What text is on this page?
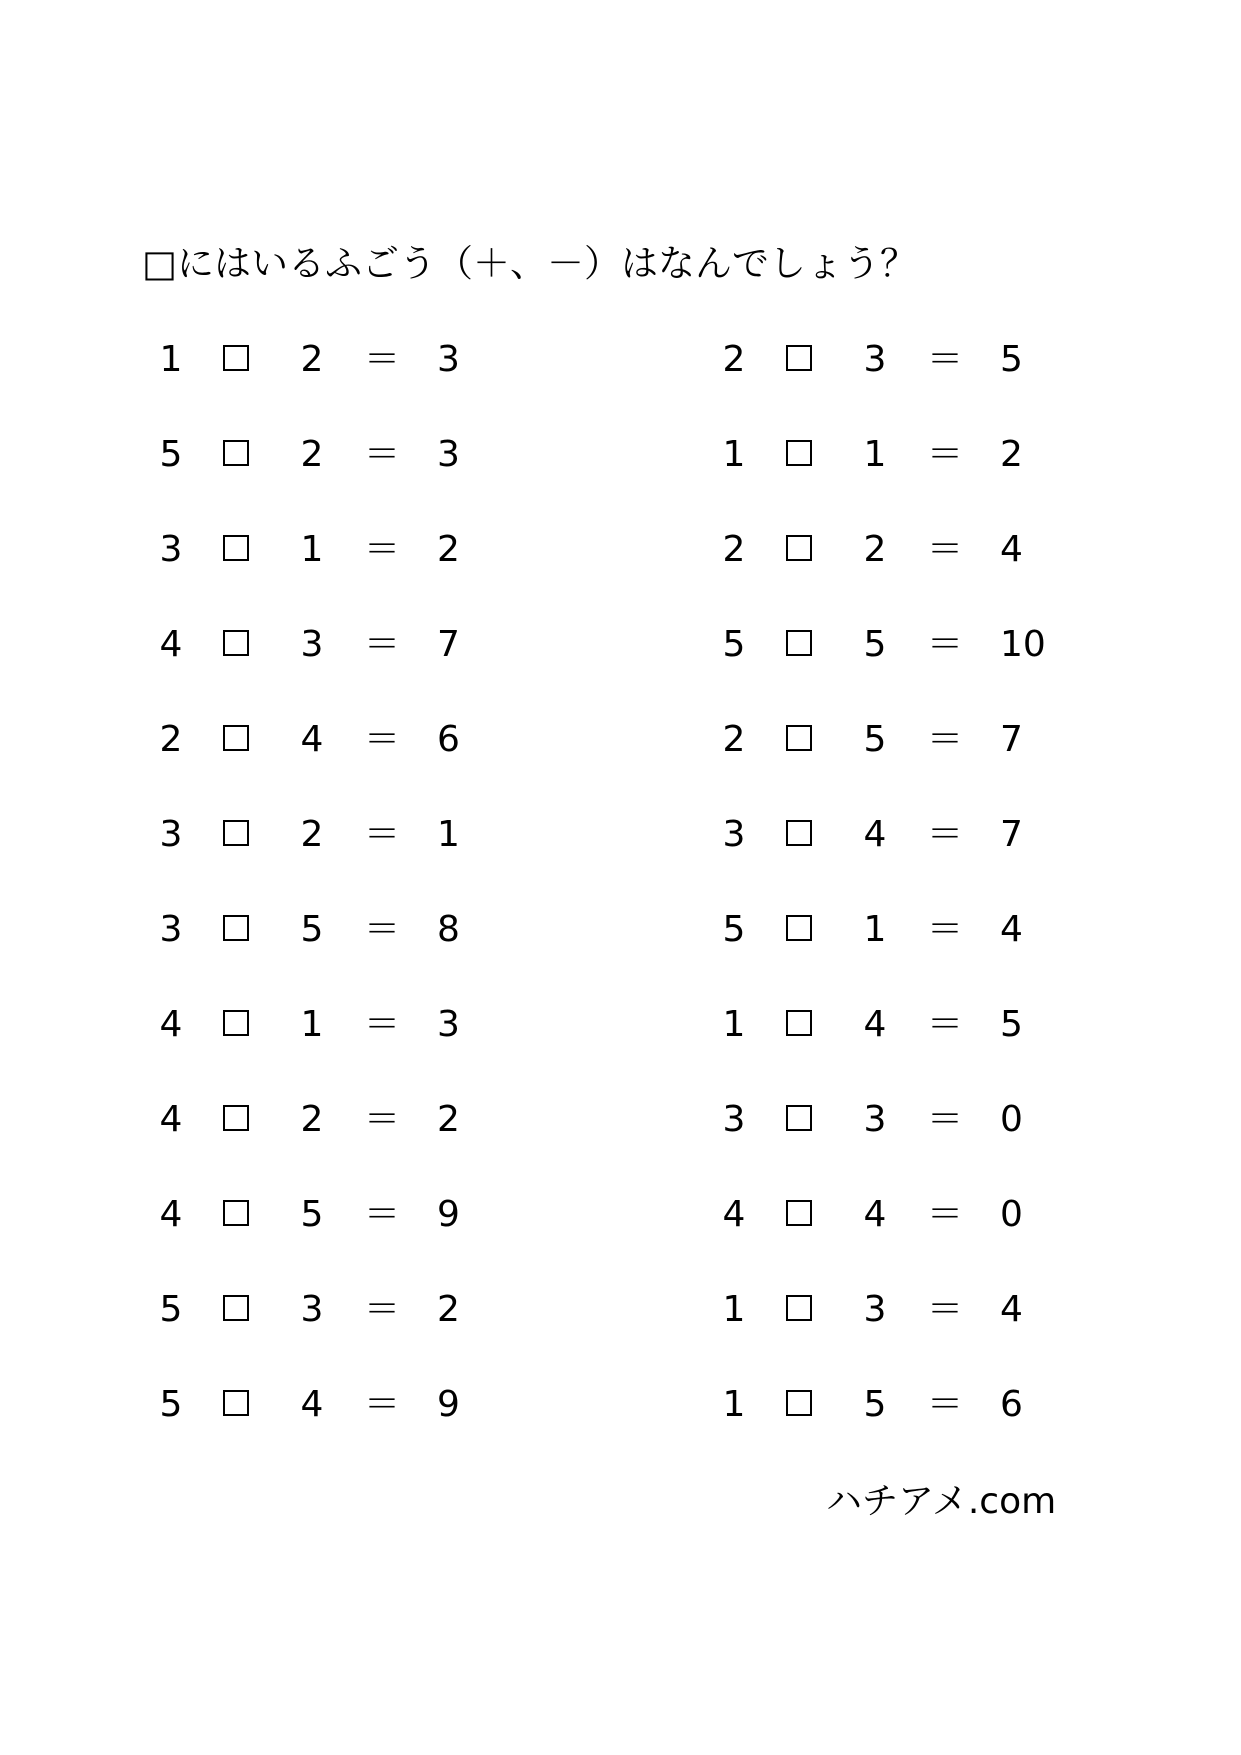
□にはいるふごう（＋、－）はなんでしょう？
1	2 ＝ 3
5	2 ＝ 3
3	1 ＝ 2
4	3 ＝ 7
2	4 ＝ 6
3	2 ＝ 1
3	5 ＝ 8
4	1 ＝ 3
4	2 ＝ 2
4	5 ＝ 9
5	3 ＝ 2
5	4 ＝ 9
2	3 ＝ 5
1	1 ＝ 2
2	2 ＝ 4
5	5 ＝ 10
2	5 ＝ 7
3	4 ＝ 7
5	1 ＝ 4
1	4 ＝ 5
3	3 ＝ 0
4	4 ＝ 0
1	3 ＝ 4
1	5 ＝ 6
ハチアメ.com
